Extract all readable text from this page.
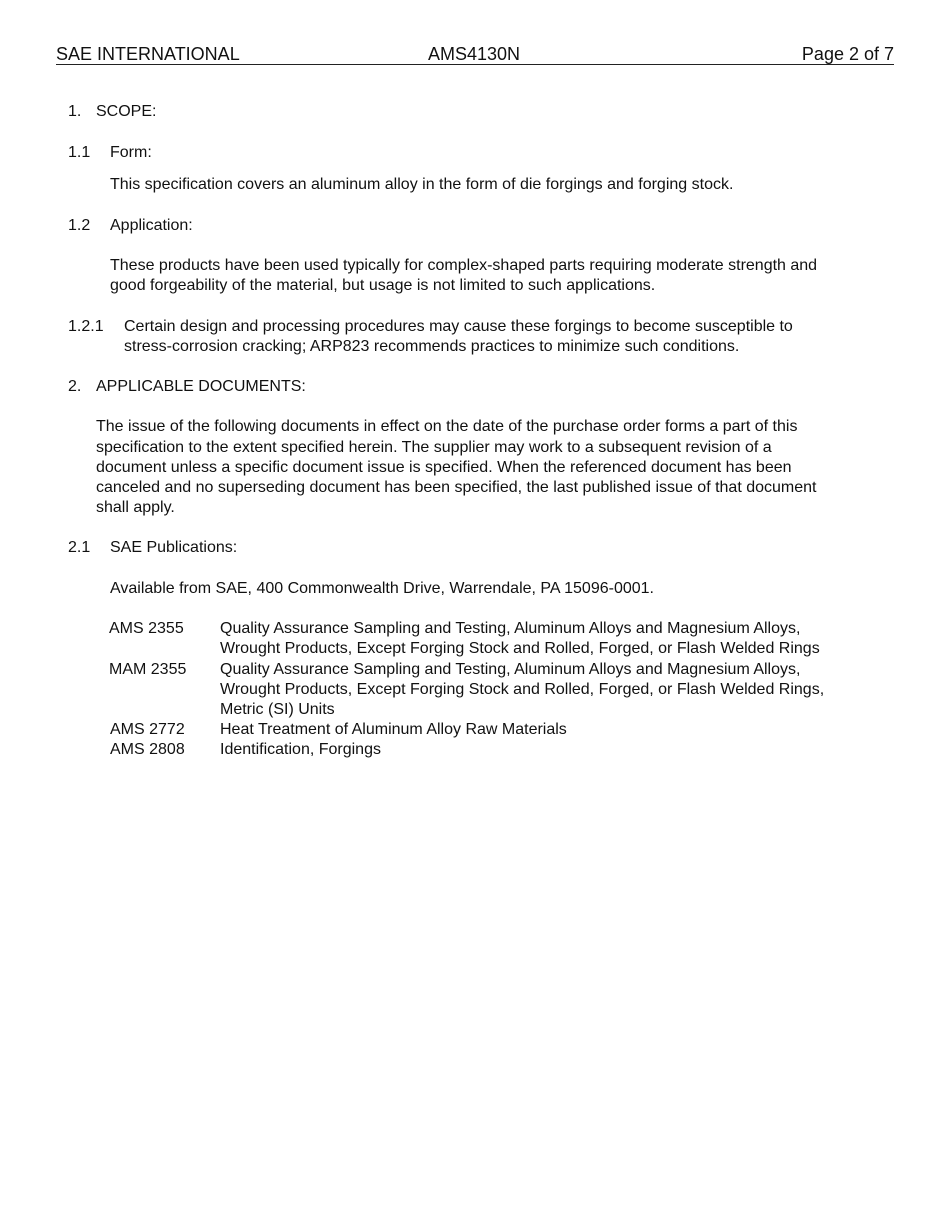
SAE INTERNATIONAL	AMS4130N	Page 2 of 7
1. SCOPE:
1.1 Form:
This specification covers an aluminum alloy in the form of die forgings and forging stock.
1.2 Application:
These products have been used typically for complex-shaped parts requiring moderate strength and
good forgeability of the material, but usage is not limited to such applications.
1.2.1 Certain design and processing procedures may cause these forgings to become susceptible to
stress-corrosion cracking; ARP823 recommends practices to minimize such conditions.
2. APPLICABLE DOCUMENTS:
The issue of the following documents in effect on the date of the purchase order forms a part of this
specification to the extent specified herein. The supplier may work to a subsequent revision of a
document unless a specific document issue is specified. When the referenced document has been
canceled and no superseding document has been specified, the last published issue of that document
shall apply.
2.1 SAE Publications:
Available from SAE, 400 Commonwealth Drive, Warrendale, PA 15096-0001.
AMS 2355 Quality Assurance Sampling and Testing, Aluminum Alloys and Magnesium Alloys,
Wrought Products, Except Forging Stock and Rolled, Forged, or Flash Welded Rings
MAM 2355 Quality Assurance Sampling and Testing, Aluminum Alloys and Magnesium Alloys,
Wrought Products, Except Forging Stock and Rolled, Forged, or Flash Welded Rings,
Metric (SI) Units
AMS 2772 Heat Treatment of Aluminum Alloy Raw Materials
AMS 2808 Identification, Forgings
